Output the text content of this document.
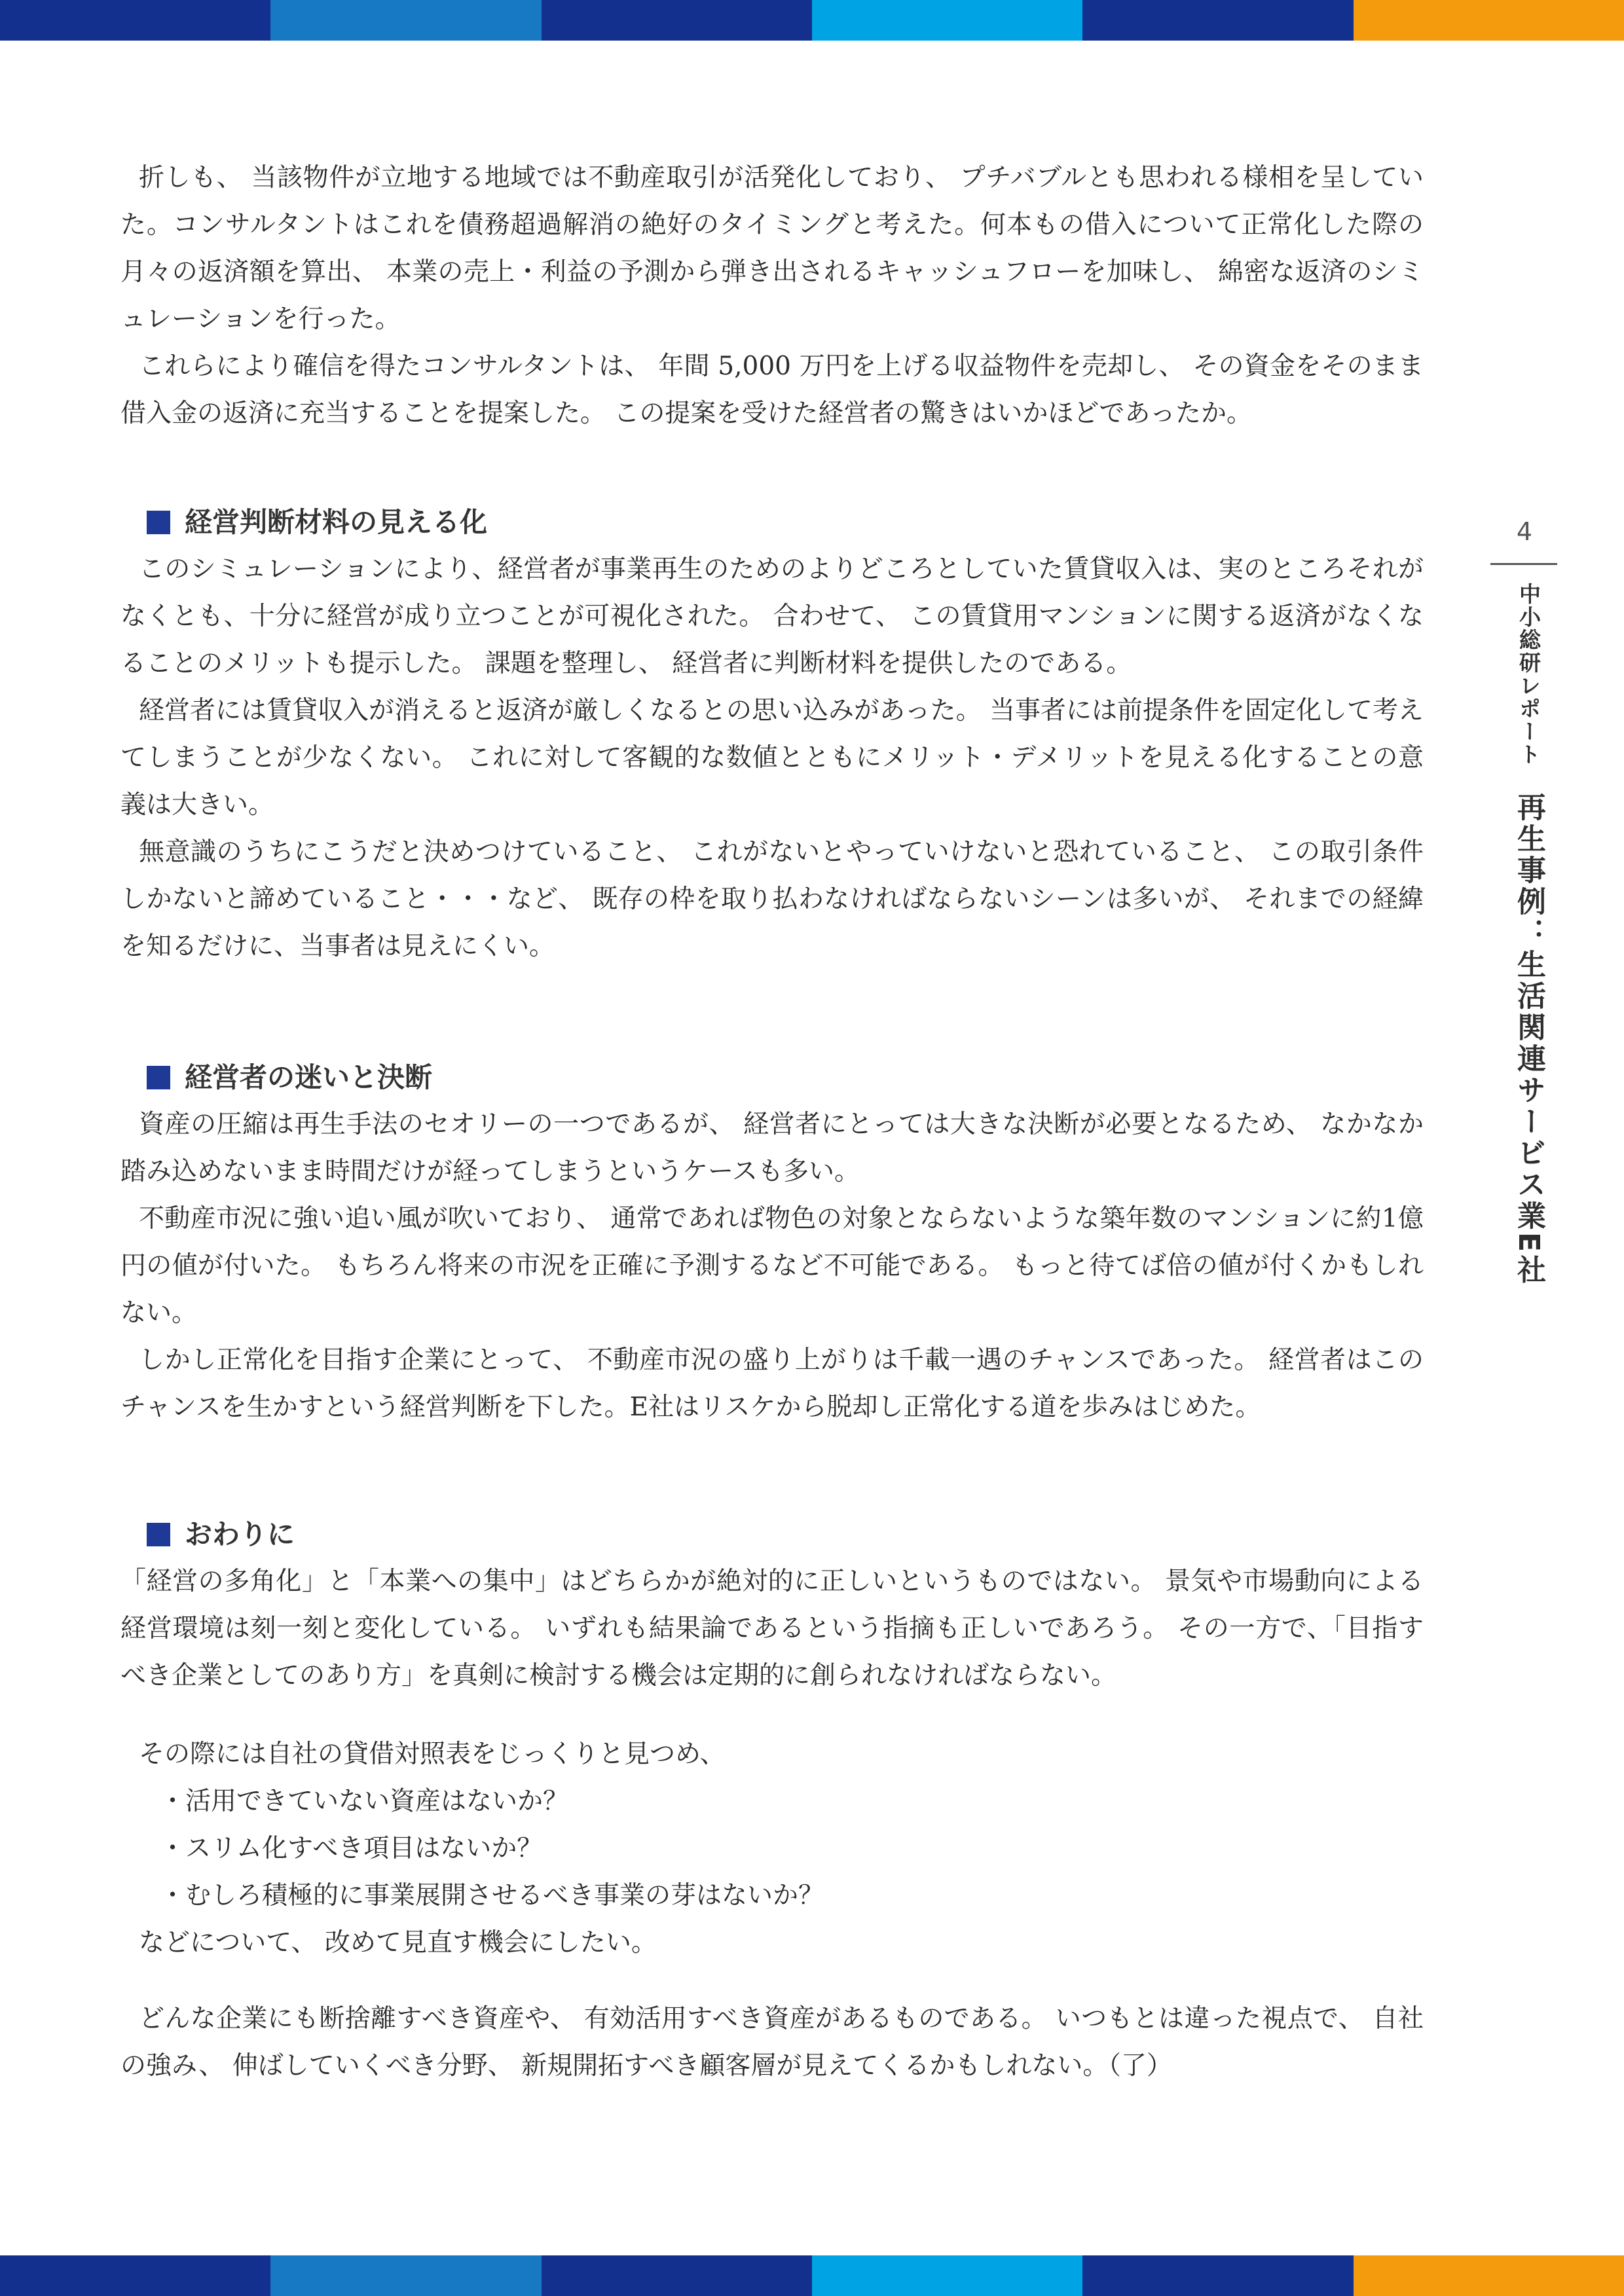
折しも、 当該物件が立地する地域では不動産取引が活発化しており、 プチバブルとも思われる様相を呈していた。コンサルタントはこれを債務超過解消の絶好のタイミングと考えた。何本もの借入について正常化した際の月々の返済額を算出、 本業の売上・利益の予測から弾き出されるキャッシュフローを加味し、 綿密な返済のシミュレーションを行った。

これらにより確信を得たコンサルタントは、 年間 5,000 万円を上げる収益物件を売却し、 その資金をそのまま借入金の返済に充当することを提案した。 この提案を受けた経営者の驚きはいかほどであったか。

経営判断材料の見える化

このシミュレーションにより、経営者が事業再生のためのよりどころとしていた賃貸収入は、実のところそれがなくとも、十分に経営が成り立つことが可視化された。 合わせて、 この賃貸用マンションに関する返済がなくなることのメリットも提示した。 課題を整理し、 経営者に判断材料を提供したのである。

経営者には賃貸収入が消えると返済が厳しくなるとの思い込みがあった。 当事者には前提条件を固定化して考えてしまうことが少なくない。 これに対して客観的な数値とともにメリット・デメリットを見える化することの意義は大きい。

無意識のうちにこうだと決めつけていること、 これがないとやっていけないと恐れていること、 この取引条件しかないと諦めていること・・・など、 既存の枠を取り払わなければならないシーンは多いが、 それまでの経緯を知るだけに、当事者は見えにくい。

経営者の迷いと決断

資産の圧縮は再生手法のセオリーの一つであるが、 経営者にとっては大きな決断が必要となるため、 なかなか踏み込めないまま時間だけが経ってしまうというケースも多い。

不動産市況に強い追い風が吹いており、 通常であれば物色の対象とならないような築年数のマンションに約1億円の値が付いた。 もちろん将来の市況を正確に予測するなど不可能である。 もっと待てば倍の値が付くかもしれない。

しかし正常化を目指す企業にとって、 不動産市況の盛り上がりは千載一遇のチャンスであった。 経営者はこのチャンスを生かすという経営判断を下した。E社はリスケから脱却し正常化する道を歩みはじめた。

おわりに

「経営の多角化」と「本業への集中」はどちらかが絶対的に正しいというものではない。 景気や市場動向による経営環境は刻一刻と変化している。 いずれも結果論であるという指摘も正しいであろう。 その一方で、「目指すべき企業としてのあり方」を真剣に検討する機会は定期的に創られなければならない。

その際には自社の貸借対照表をじっくりと見つめ、

・活用できていない資産はないか？

・スリム化すべき項目はないか？

・むしろ積極的に事業展開させるべき事業の芽はないか？

などについて、 改めて見直す機会にしたい。

どんな企業にも断捨離すべき資産や、 有効活用すべき資産があるものである。 いつもとは違った視点で、 自社の強み、 伸ばしていくべき分野、 新規開拓すべき顧客層が見えてくるかもしれない。（了）

4
中小総研レポート 再生事例：生活関連サービス業E社
